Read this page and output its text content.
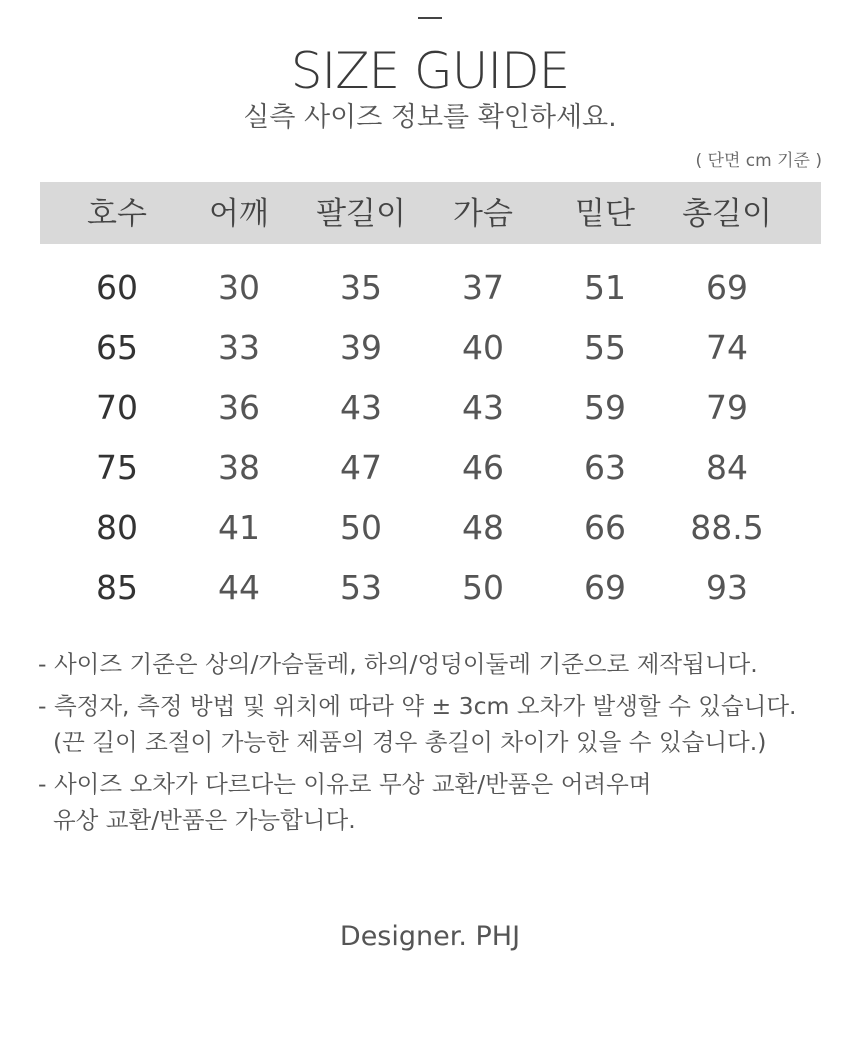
SIZE GUIDE
실측 사이즈 정보를 확인하세요.
( 단면 cm 기준 )
호수	어깨	팔길이	가슴	밑단	총길이
60	30	35	37	51	69
65	33	39	40	55	74
70	36	43	43	59	79
75	38	47	46	63	84
80	41	50	48	66	88.5
85	44	53	50	69	93
- 사이즈 기준은 상의/가슴둘레, 하의/엉덩이둘레 기준으로 제작됩니다.
- 측정자, 측정 방법 및 위치에 따라 약 ± 3cm 오차가 발생할 수 있습니다.
(끈 길이 조절이 가능한 제품의 경우 총길이 차이가 있을 수 있습니다.)
- 사이즈 오차가 다르다는 이유로 무상 교환/반품은 어려우며
유상 교환/반품은 가능합니다.
Designer. PHJ
